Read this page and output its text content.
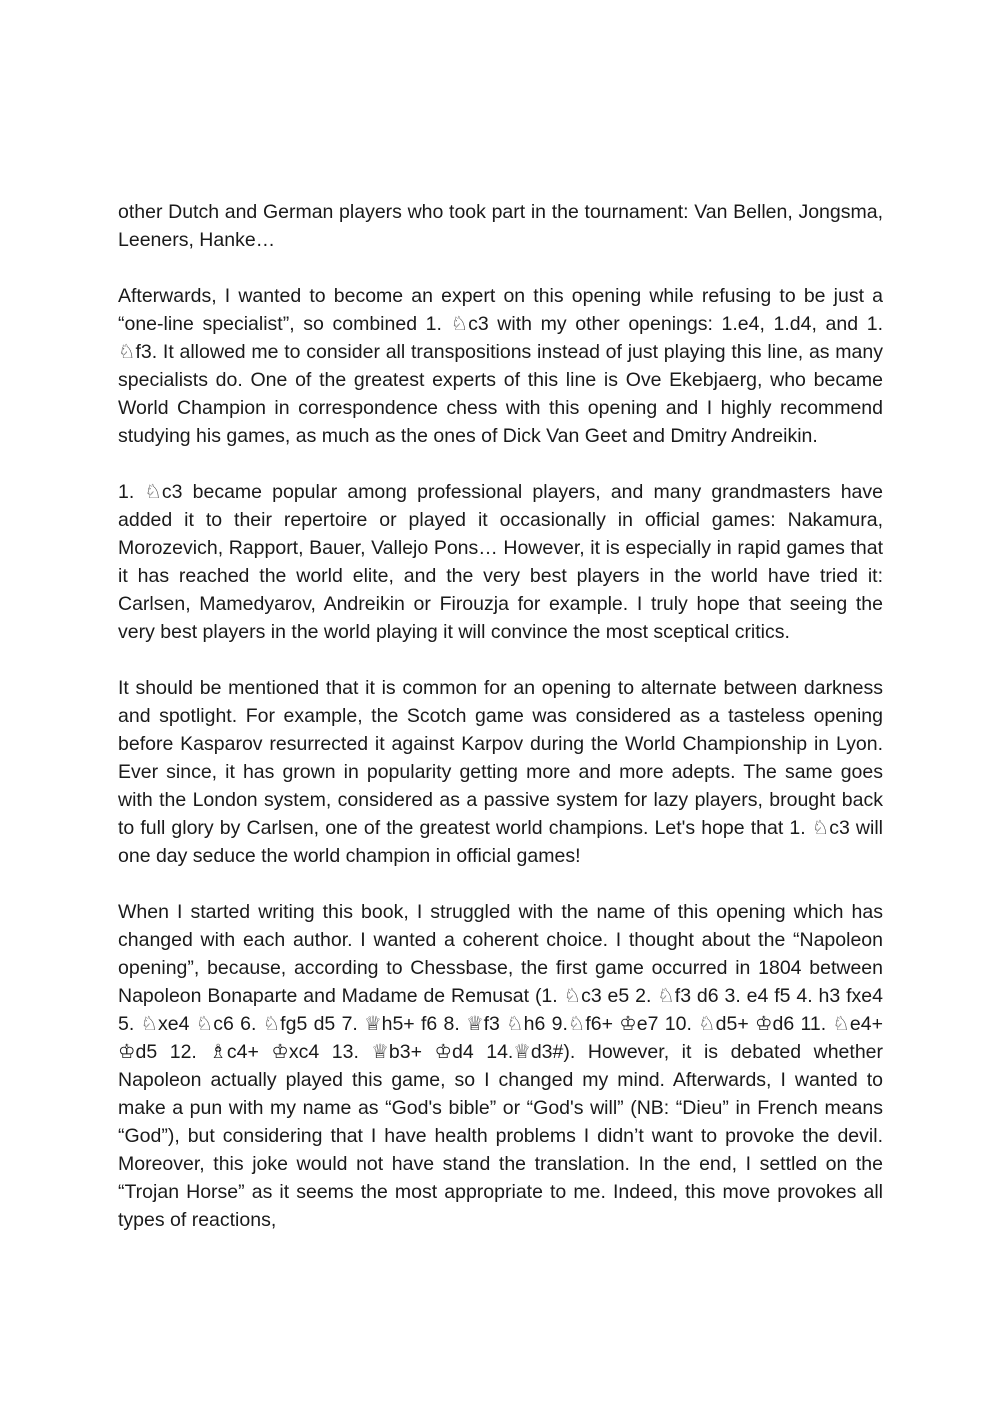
other Dutch and German players who took part in the tournament: Van Bellen, Jongsma, Leeners, Hanke…

Afterwards, I wanted to become an expert on this opening while refusing to be just a “one-line specialist”, so combined 1. ♘c3 with my other openings: 1.e4, 1.d4, and 1. ♘f3. It allowed me to consider all transpositions instead of just playing this line, as many specialists do. One of the greatest experts of this line is Ove Ekebjaerg, who became World Champion in correspondence chess with this opening and I highly recommend studying his games, as much as the ones of Dick Van Geet and Dmitry Andreikin.

1. ♘c3 became popular among professional players, and many grandmasters have added it to their repertoire or played it occasionally in official games: Nakamura, Morozevich, Rapport, Bauer, Vallejo Pons… However, it is especially in rapid games that it has reached the world elite, and the very best players in the world have tried it: Carlsen, Mamedyarov, Andreikin or Firouzja for example. I truly hope that seeing the very best players in the world playing it will convince the most sceptical critics.

It should be mentioned that it is common for an opening to alternate between darkness and spotlight. For example, the Scotch game was considered as a tasteless opening before Kasparov resurrected it against Karpov during the World Championship in Lyon. Ever since, it has grown in popularity getting more and more adepts. The same goes with the London system, considered as a passive system for lazy players, brought back to full glory by Carlsen, one of the greatest world champions. Let's hope that 1. ♘c3 will one day seduce the world champion in official games!

When I started writing this book, I struggled with the name of this opening which has changed with each author. I wanted a coherent choice. I thought about the “Napoleon opening”, because, according to Chessbase, the first game occurred in 1804 between Napoleon Bonaparte and Madame de Remusat (1. ♘c3 e5 2. ♘f3 d6 3. e4 f5 4. h3 fxe4 5. ♘xe4 ♘c6 6. ♘fg5 d5 7. ♕h5+ f6 8. ♕f3 ♘h6 9.♘f6+ ♔e7 10. ♘d5+ ♔d6 11. ♘e4+ ♔d5 12. ♗c4+ ♔xc4 13. ♕b3+ ♔d4 14.♕d3#). However, it is debated whether Napoleon actually played this game, so I changed my mind. Afterwards, I wanted to make a pun with my name as “God's bible” or “God's will” (NB: “Dieu” in French means “God”), but considering that I have health problems I didn’t want to provoke the devil. Moreover, this joke would not have stand the translation. In the end, I settled on the “Trojan Horse” as it seems the most appropriate to me. Indeed, this move provokes all types of reactions,
